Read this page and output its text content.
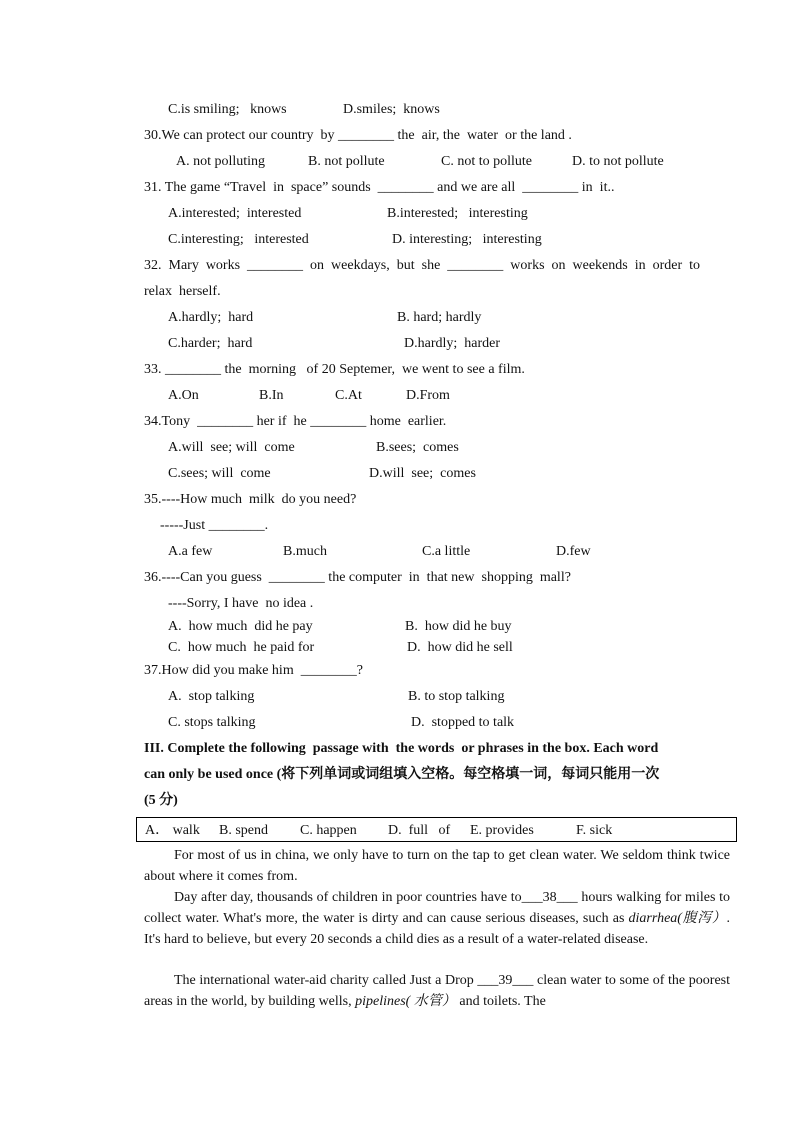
C.is smiling;   knows	D.smiles;  knows
30.We can protect our country  by ________ the  air, the  water  or the land .
A. not polluting	B. not pollute	C. not to pollute	D. to not pollute
31. The game “Travel  in  space” sounds  ________ and we are all  ________ in  it..
A.interested;  interested	B.interested;   interesting
C.interesting;   interested	D. interesting;   interesting
32.  Mary  works  ________  on  weekdays,  but  she  ________  works  on  weekends  in  order  to
relax  herself.
A.hardly;  hard	B. hard; hardly
C.harder;  hard	D.hardly;  harder
33. ________ the  morning   of 20 Septemer,  we went to see a film.
A.On	B.In	C.At	D.From
34.Tony  ________ her if  he ________ home  earlier.
A.will  see; will  come	B.sees;  comes
C.sees; will  come	D.will  see;  comes
35.----How much  milk  do you need?
-----Just ________.
A.a few	B.much	C.a little	D.few
36.----Can you guess  ________ the computer  in  that new  shopping  mall?
----Sorry, I have  no idea .
A.  how much  did he pay	B.  how did he buy
C.  how much  he paid for	D.  how did he sell
37.How did you make him  ________?
A.  stop talking	B. to stop talking
C. stops talking	D.  stopped to talk
III. Complete the following  passage with  the words  or phrases in the box. Each word
can only be used once (将下列单词或词组填入空格。每空格填一词，每词只能用一次
(5 分)
A． walk B. spend C. happen D.  full   of E. provides	F. sick
For most of us in china, we only have to turn on the tap to get clean water. We seldom think twice about where it comes from.
Day after day, thousands of children in poor countries have to___38___ hours walking for miles to collect water. What's more, the water is dirty and can cause serious diseases, such as diarrhea(腹泻）. It's hard to believe, but every 20 seconds a child dies as a result of a water-related disease.
The international water-aid charity called Just a Drop ___39___ clean water to some of the poorest areas in the world, by building wells, pipelines( 水管） and toilets. The
